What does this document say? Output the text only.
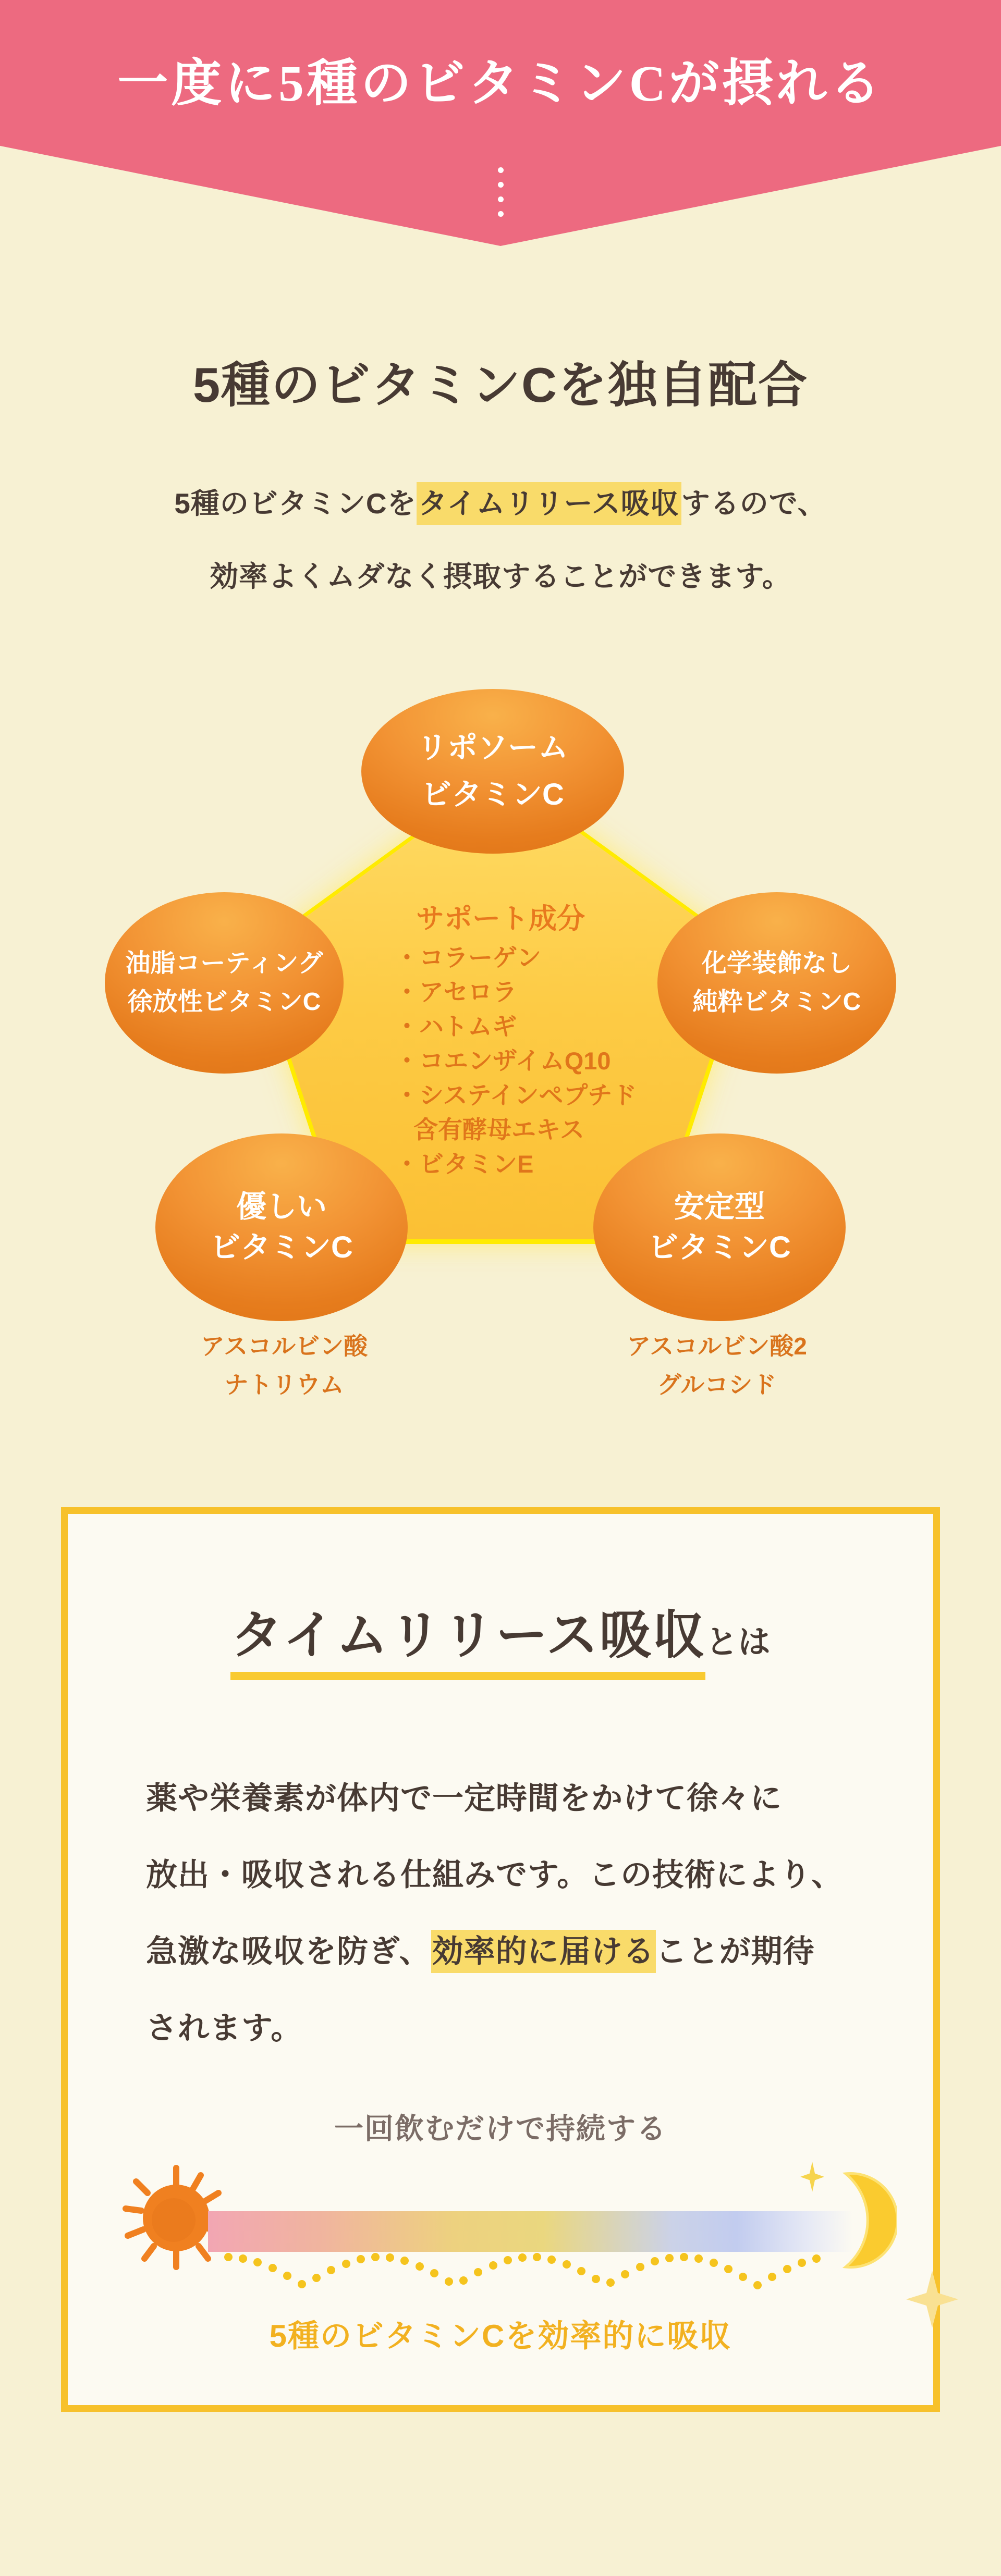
一度に5種のビタミンCが摂れる
5種のビタミンCを独自配合
5種のビタミンCをタイムリリース吸収するので、
効率よくムダなく摂取することができます。
サポート成分
・コラーゲン
・アセロラ
・ハトムギ
・コエンザイムQ10
・システインペプチド
含有酵母エキス
・ビタミンE
リポソーム
ビタミンC
油脂コーティング
徐放性ビタミンC
化学装飾なし
純粋ビタミンC
優しい
ビタミンC
安定型
ビタミンC
アスコルビン酸
ナトリウム
アスコルビン酸2
グルコシド
タイムリリース吸収とは
薬や栄養素が体内で一定時間をかけて徐々に
放出・吸収される仕組みです。この技術により、
急激な吸収を防ぎ、効率的に届けることが期待
されます。
一回飲むだけで持続する
5種のビタミンCを効率的に吸収
